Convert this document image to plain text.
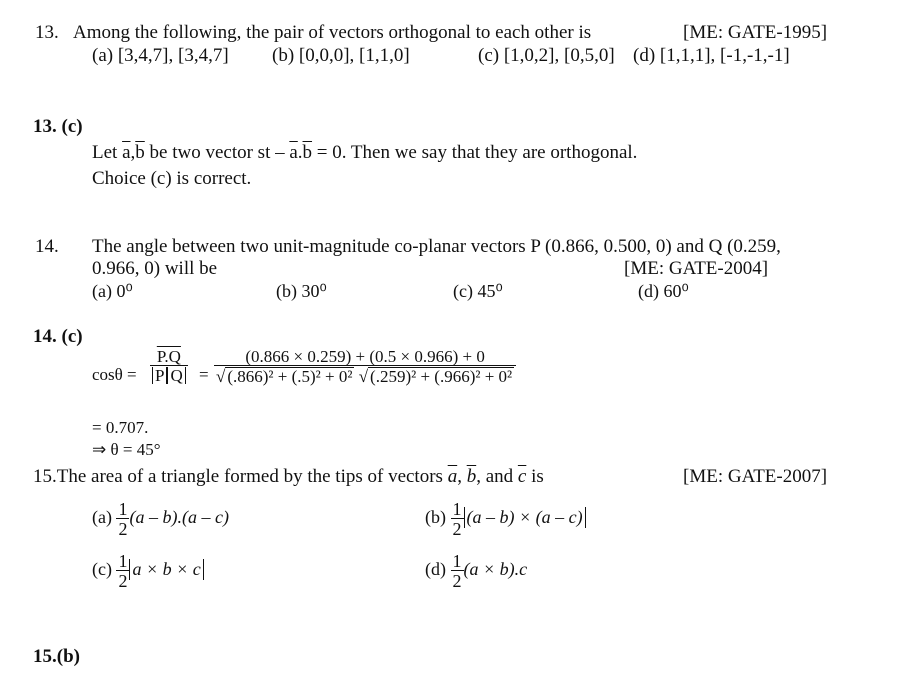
13. Among the following, the pair of vectors orthogonal to each other is	[ME: GATE-1995]
(a) [3,4,7], [3,4,7] (b) [0,0,0], [1,1,0]	(c) [1,0,2], [0,5,0] (d) [1,1,1], [-1,-1,-1]
13. (c)
Let $\overline{a},\overline{b}$ be two vector st – $\overline{a}.\overline{b} = 0$. Then we say that they are orthogonal.
Choice (c) is correct.
14. The angle between two unit-magnitude co-planar vectors P (0.866, 0.500, 0) and Q (0.259,
0.966, 0) will be	[ME: GATE-2004]
(a) 0⁰	(b) 30⁰	(c) 45⁰	(d) 60⁰
14. (c)
$\cos\theta = \frac{P.Q}{\overline{P} \overline{Q}} = \frac{(0.866 \times 0.259) + (0.5 \times 0.966) + 0}{\text{√ (.866)² + (.5)² + 0² √ (.259)² + (.966)² + 0²}}$
= 0.707.
⇒ θ = 45°
15.The area of a triangle formed by the tips of vectors $\overline{a}$, $\overline{b}$, and $\overline{c}$ is	[ME: GATE-2007]
$(a) \frac{1}{2} (a - b).(a - c)$	$(b) \frac{1}{2} (a - b) \times (a - c)$
$(c) \frac{1}{2}$ a × b × c	$(d) \frac{1}{2} (a \times b).c$
15.(b)
